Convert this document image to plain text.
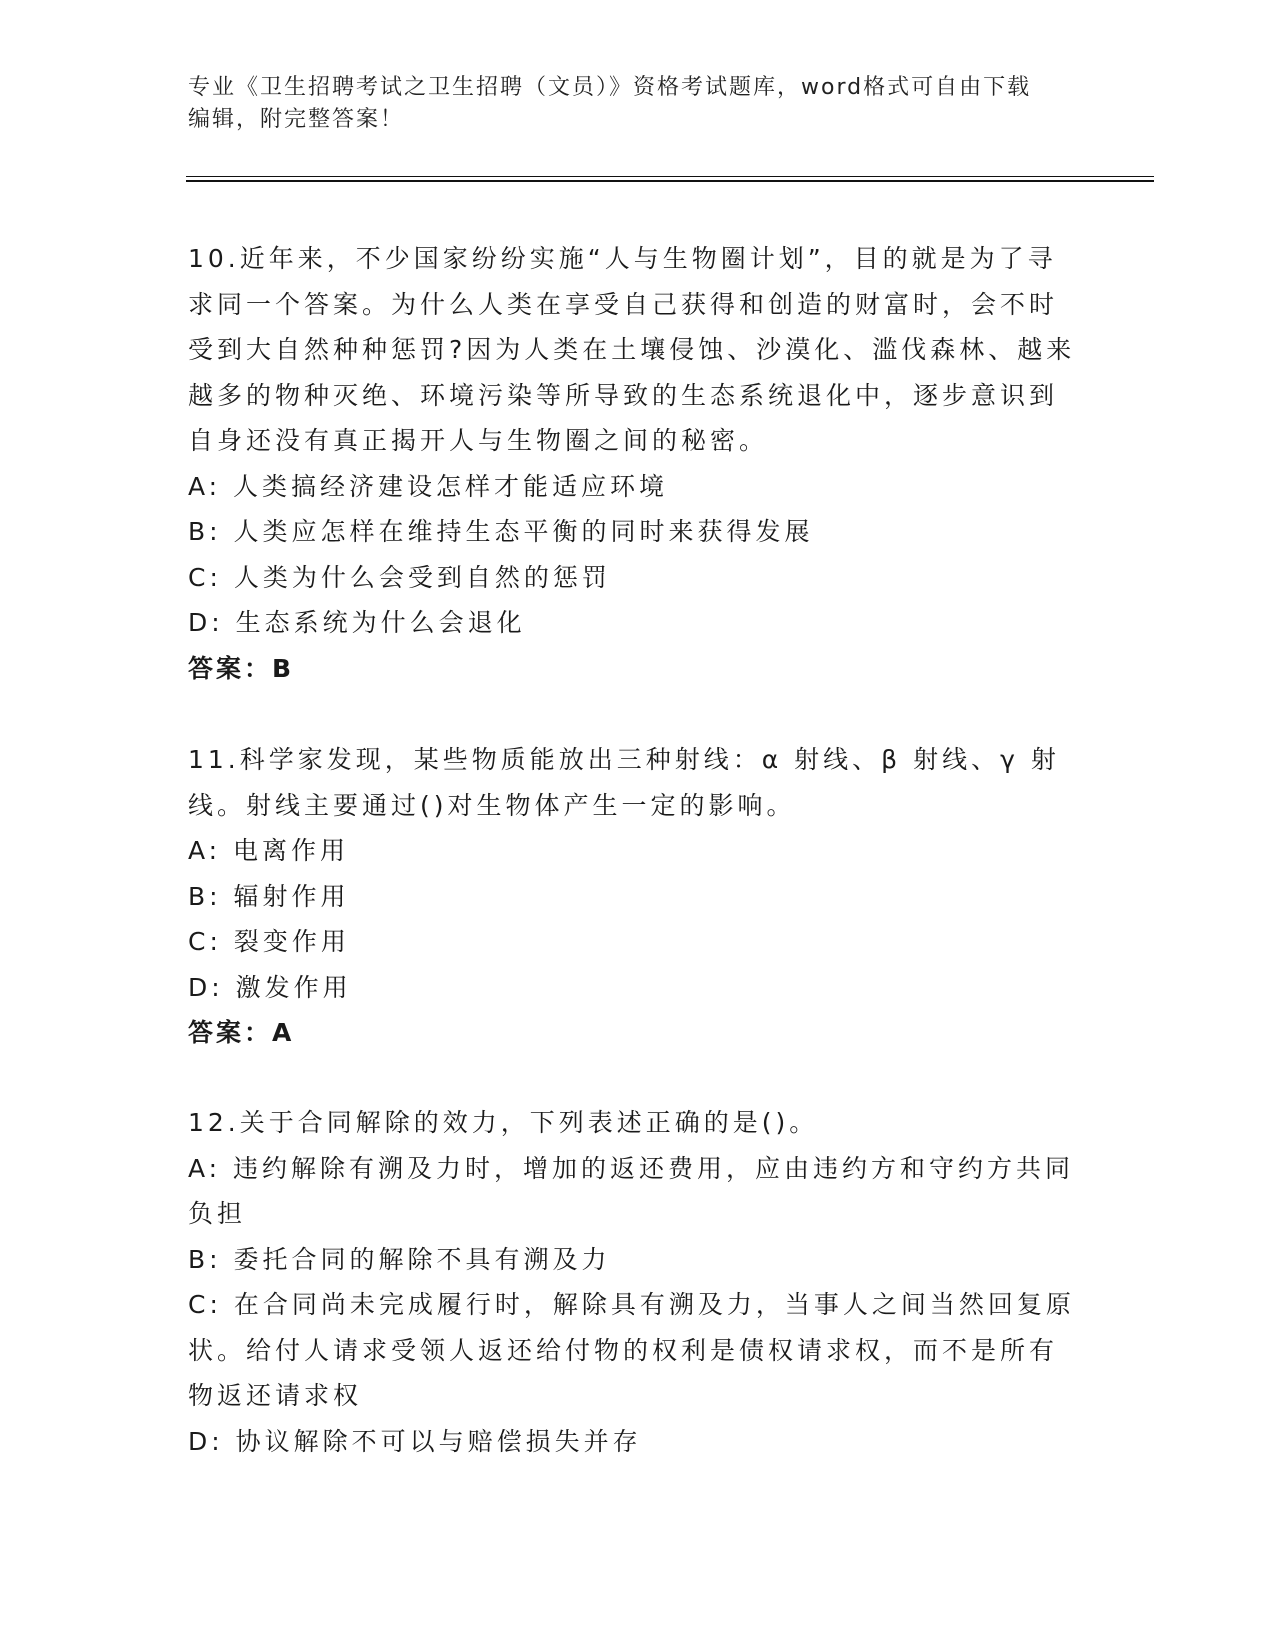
专业《卫生招聘考试之卫生招聘（文员）》资格考试题库，word格式可自由下载
编辑，附完整答案！
10.近年来，不少国家纷纷实施“人与生物圈计划”，目的就是为了寻求同一个答案。为什么人类在享受自己获得和创造的财富时，会不时受到大自然种种惩罚?因为人类在土壤侵蚀、沙漠化、滥伐森林、越来越多的物种灭绝、环境污染等所导致的生态系统退化中，逐步意识到自身还没有真正揭开人与生物圈之间的秘密。
A: 人类搞经济建设怎样才能适应环境
B: 人类应怎样在维持生态平衡的同时来获得发展
C: 人类为什么会受到自然的惩罚
D: 生态系统为什么会退化
答案：B
11.科学家发现，某些物质能放出三种射线：α 射线、β 射线、γ 射线。射线主要通过()对生物体产生一定的影响。
A: 电离作用
B: 辐射作用
C: 裂变作用
D: 激发作用
答案：A
12.关于合同解除的效力，下列表述正确的是()。
A: 违约解除有溯及力时，增加的返还费用，应由违约方和守约方共同负担
B: 委托合同的解除不具有溯及力
C: 在合同尚未完成履行时，解除具有溯及力，当事人之间当然回复原状。给付人请求受领人返还给付物的权利是债权请求权，而不是所有物返还请求权
D: 协议解除不可以与赔偿损失并存
